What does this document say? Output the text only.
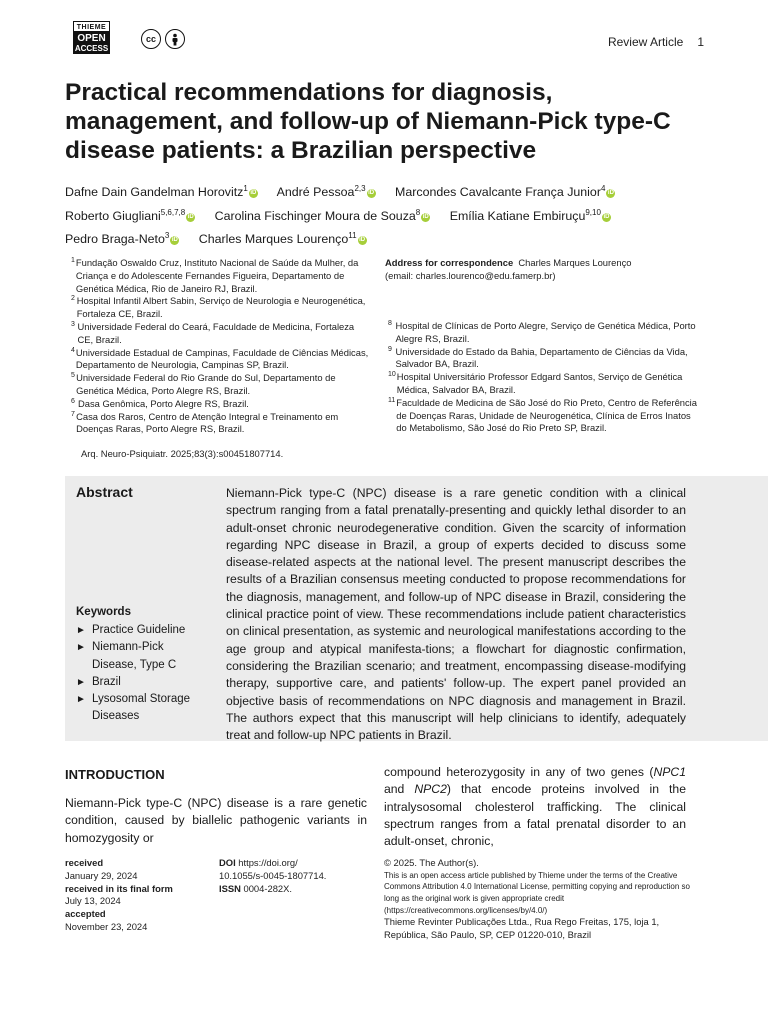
THIEME
OPEN
ACCESS
cc	Review Article 1
Practical recommendations for diagnosis, management, and follow-up of Niemann-Pick type-C disease patients: a Brazilian perspective
Dafne Dain Gandelman Horovitz$^1$ iD André Pessoa$^{2,3}$ iD Marcondes Cavalcante França Junior$^4$ iD
Roberto Giugliani$^{5,6,7,8}$ iD Carolina Fischinger Moura de Souza$^8$ iD Emília Katiane Embiruçu$^{9,10}$ iD
Pedro Braga-Neto$^3$ iD Charles Marques Lourenço$^{11}$ iD
1 Fundação Oswaldo Cruz, Instituto Nacional de Saúde da Mulher, da Criança e do Adolescente Fernandes Figueira, Departamento de Genética Médica, Rio de Janeiro RJ, Brazil.
2 Hospital Infantil Albert Sabin, Serviço de Neurologia e Neurogenética, Fortaleza CE, Brazil.
3 Universidade Federal do Ceará, Faculdade de Medicina, Fortaleza CE, Brazil.
4 Universidade Estadual de Campinas, Faculdade de Ciências Médicas, Departamento de Neurologia, Campinas SP, Brazil.
5 Universidade Federal do Rio Grande do Sul, Departamento de Genética Médica, Porto Alegre RS, Brazil.
6 Dasa Genômica, Porto Alegre RS, Brazil.
7 Casa dos Raros, Centro de Atenção Integral e Treinamento em Doenças Raras, Porto Alegre RS, Brazil.
Address for correspondence Charles Marques Lourenço
(email: charles.lourenco@edu.famerp.br)
8 Hospital de Clínicas de Porto Alegre, Serviço de Genética Médica, Porto Alegre RS, Brazil.
9 Universidade do Estado da Bahia, Departamento de Ciências da Vida, Salvador BA, Brazil.
10 Hospital Universitário Professor Edgard Santos, Serviço de Genética Médica, Salvador BA, Brazil.
11 Faculdade de Medicina de São José do Rio Preto, Centro de Referência de Doenças Raras, Unidade de Neurogenética, Clínica de Erros Inatos do Metabolismo, São José do Rio Preto SP, Brazil.
Arq. Neuro-Psiquiatr. 2025;83(3):s00451807714.
Abstract	Niemann-Pick type-C (NPC) disease is a rare genetic condition with a clinical spectrum ranging from a fatal prenatally-presenting and quickly lethal disorder to an adult-onset chronic neurodegenerative condition. Given the scarcity of information regarding NPC disease in Brazil, a group of experts decided to discuss some disease-related aspects at the national level. The present manuscript describes the results of a Brazilian consensus meeting conducted to propose recommendations for the diagnosis, management, and follow-up of NPC disease in Brazil, considering the clinical practice point of view. These recommendations include patient characteristics on clinical presentation, as systemic and neurological manifestations according to the age group and atypical manifesta-tions; a flowchart for diagnostic confirmation, considering the Brazilian scenario; and treatment, encompassing disease-modifying therapy, supportive care, and patients' follow-up. The expert panel provided an objective basis of recommendations on NPC diagnosis and management in Brazil. The authors expect that this manuscript will help clinicians to identify, adequately treat and follow-up NPC patients in Brazil.
Keywords
► Practice Guideline
► Niemann-Pick Disease, Type C
► Brazil
► Lysosomal Storage Diseases
INTRODUCTION
Niemann-Pick type-C (NPC) disease is a rare genetic condition, caused by biallelic pathogenic variants in homozygosity or
compound heterozygosity in any of two genes (NPC1 and NPC2) that encode proteins involved in the intralysosomal cholesterol trafficking. The clinical spectrum ranges from a fatal prenatal disorder to an adult-onset, chronic,
received
January 29, 2024
received in its final form
July 13, 2024
accepted
November 23, 2024
DOI https://doi.org/
10.1055/s-0045-1807714.
ISSN 0004-282X.
© 2025. The Author(s).
This is an open access article published by Thieme under the terms of the Creative Commons Attribution 4.0 International License, permitting copying and reproduction so long as the original work is given appropriate credit (https://creativecommons.org/licenses/by/4.0/)
Thieme Revinter Publicações Ltda., Rua Rego Freitas, 175, loja 1, República, São Paulo, SP, CEP 01220-010, Brazil
